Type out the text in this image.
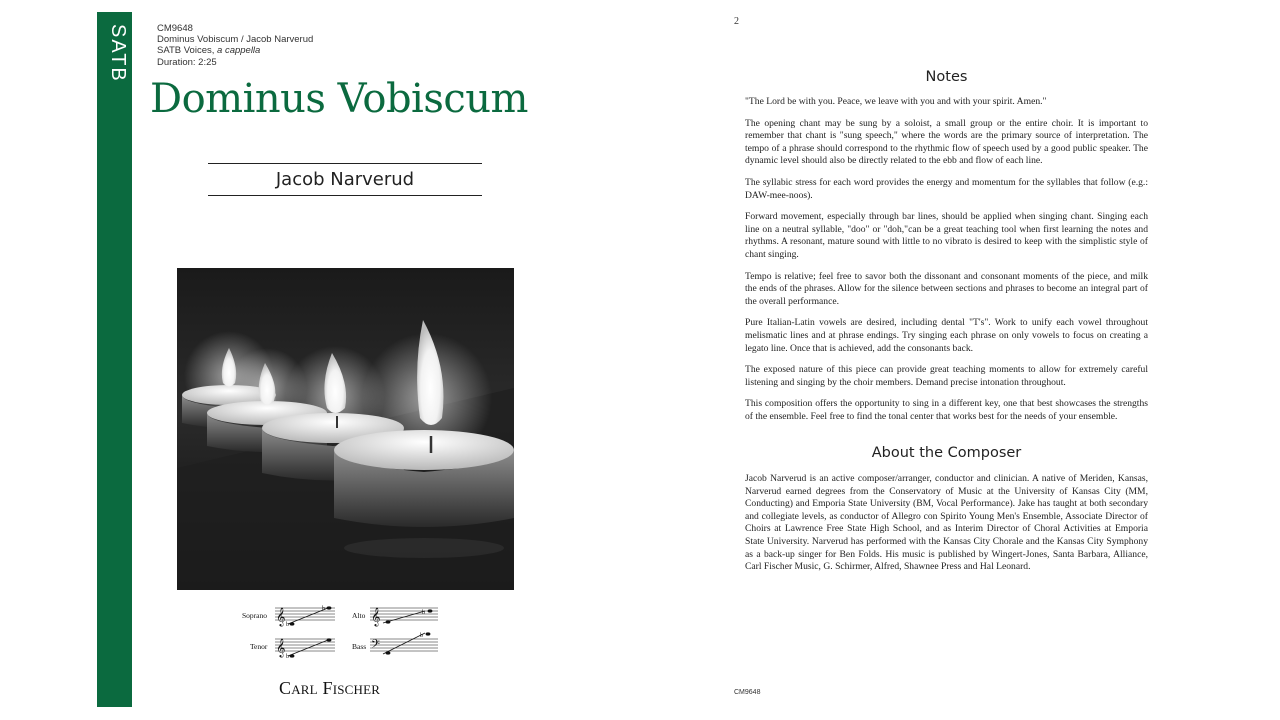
SATB	CM9648
Dominus Vobiscum / Jacob Narverud
SATB Voices, a cappella
Duration: 2:25
Dominus Vobiscum
Jacob Narverud
Soprano 𝄞 b
b
Alto 𝄞	b
Tenor 𝄞 b
Bass 𝄢
b
Carl Fischer
2
Notes

"The Lord be with you. Peace, we leave with you and with your spirit. Amen."

The opening chant may be sung by a soloist, a small group or the entire choir. It is important to remember that chant is "sung speech," where the words are the primary source of interpretation. The tempo of a phrase should correspond to the rhythmic flow of speech used by a good public speaker. The dynamic level should also be directly related to the ebb and flow of each line.

The syllabic stress for each word provides the energy and momentum for the syllables that follow (e.g.: DAW-mee-noos).

Forward movement, especially through bar lines, should be applied when singing chant. Singing each line on a neutral syllable, "doo" or "doh,"can be a great teaching tool when first learning the notes and rhythms. A resonant, mature sound with little to no vibrato is desired to keep with the simplistic style of chant singing.

Tempo is relative; feel free to savor both the dissonant and consonant moments of the piece, and milk the ends of the phrases. Allow for the silence between sections and phrases to become an integral part of the overall performance.

Pure Italian-Latin vowels are desired, including dental "T's". Work to unify each vowel throughout melismatic lines and at phrase endings. Try singing each phrase on only vowels to focus on creating a legato line. Once that is achieved, add the consonants back.

The exposed nature of this piece can provide great teaching moments to allow for extremely careful listening and singing by the choir members. Demand precise intonation throughout.

This composition offers the opportunity to sing in a different key, one that best showcases the strengths of the ensemble. Feel free to find the tonal center that works best for the needs of your ensemble.

About the Composer

Jacob Narverud is an active composer/arranger, conductor and clinician. A native of Meriden, Kansas, Narverud earned degrees from the Conservatory of Music at the University of Kansas City (MM, Conducting) and Emporia State University (BM, Vocal Performance). Jake has taught at both secondary and collegiate levels, as conductor of Allegro con Spirito Young Men's Ensemble, Associate Director of Choirs at Lawrence Free State High School, and as Interim Director of Choral Activities at Emporia State University. Narverud has performed with the Kansas City Chorale and the Kansas City Symphony as a back-up singer for Ben Folds. His music is published by Wingert-Jones, Santa Barbara, Alliance, Carl Fischer Music, G. Schirmer, Alfred, Shawnee Press and Hal Leonard.

CM9648
